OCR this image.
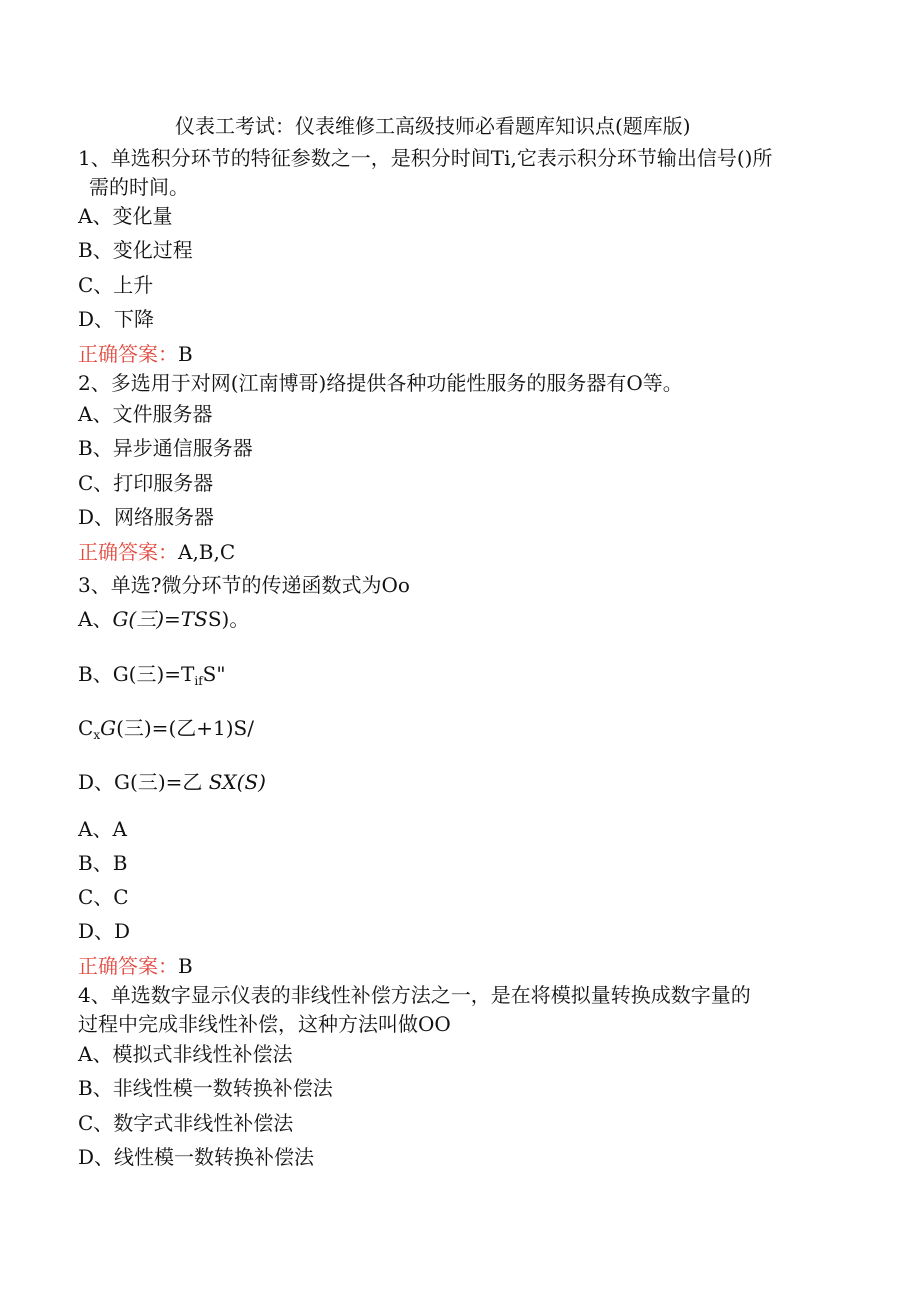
仪表工考试：仪表维修工高级技师必看题库知识点(题库版)
1、单选积分环节的特征参数之一，是积分时间Ti,它表示积分环节输出信号()所
需的时间。
A、变化量
B、变化过程
C、上升
D、下降
正确答案：B
2、多选用于对网(江南博哥)络提供各种功能性服务的服务器有O等。
A、文件服务器
B、异步通信服务器
C、打印服务器
D、网络服务器
正确答案：A,B,C
3、单选?微分环节的传递函数式为Oo
A、G(三)=TSS)。
B、G(三)$=T_{if}S$"
$C_xG$(三)=(乙+1)S/
D、G(三)=乙 SX(S)
A、A
B、B
C、C
D、D
正确答案：B
4、单选数字显示仪表的非线性补偿方法之一，是在将模拟量转换成数字量的
过程中完成非线性补偿，这种方法叫做OO
A、模拟式非线性补偿法
B、非线性模一数转换补偿法
C、数字式非线性补偿法
D、线性模一数转换补偿法
